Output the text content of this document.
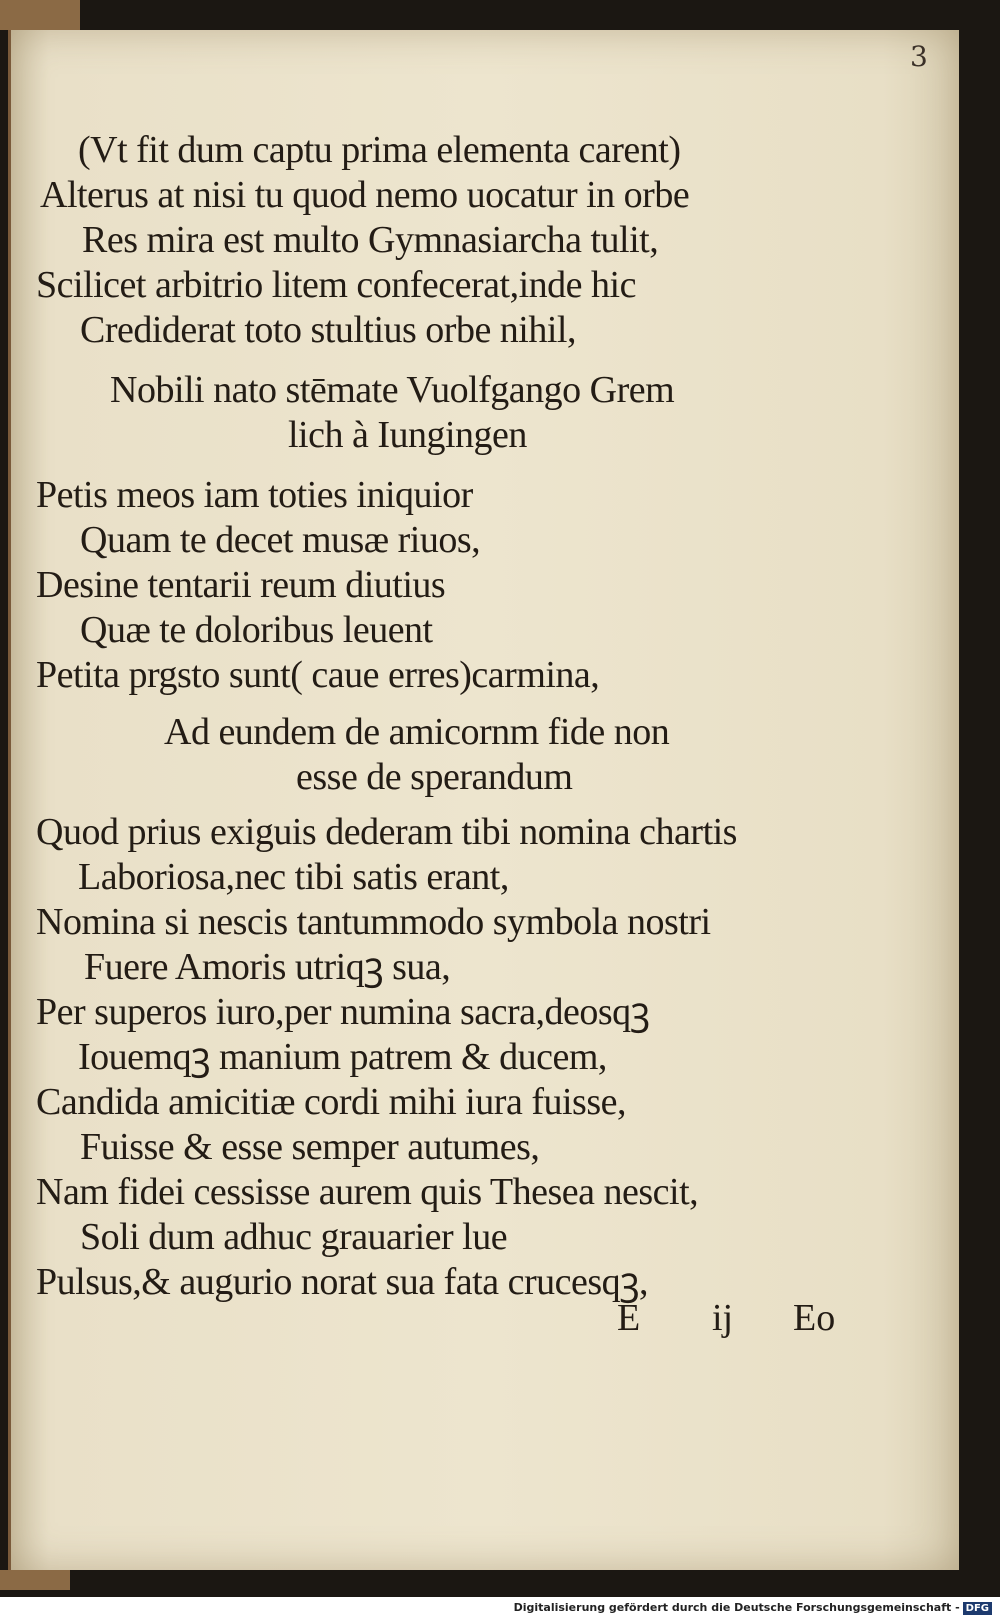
3
(Vt fit dum captu prima elementa carent)
Alterus at nisi tu quod nemo uocatur in orbe
Res mira est multo Gymnasiarcha tulit,
Scilicet arbitrio litem confecerat,inde hic
Crediderat toto stultius orbe nihil,
Nobili nato stēmate Vuolfgango Grem
lich à Iungingen
Petis meos iam toties iniquior
Quam te decet musæ riuos,
Desine tentarii reum diutius
Quæ te doloribus leuent
Petita prgsto sunt( caue erres)carmina,
Ad eundem de amicornm fide non
esse de sperandum
Quod prius exiguis dederam tibi nomina chartis
Laboriosa,nec tibi satis erant,
Nomina si nescis tantummodo symbola nostri
Fuere Amoris utriqꝫ sua,
Per superos iuro,per numina sacra,deosqꝫ
Iouemqꝫ manium patrem & ducem,
Candida amicitiæ cordi mihi iura fuisse,
Fuisse & esse semper autumes,
Nam fidei cessisse aurem quis Thesea nescit,
Soli dum adhuc grauarier lue
Pulsus,& augurio norat sua fata crucesqꝫ,
E ij Eo
Digitalisierung gefördert durch die Deutsche Forschungsgemeinschaft - DFG
